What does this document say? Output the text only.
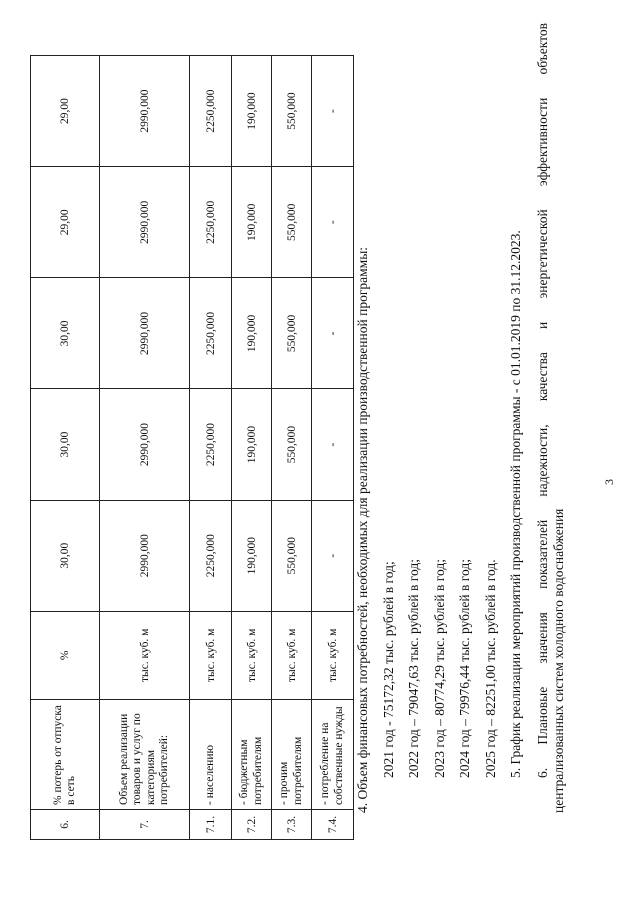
3
6.	% потерь от отпуска в сеть	%	30,00	30,00	30,00	29,00	29,00
7.	Объем реализации товаров и услуг по категориям потребителей:	тыс. куб. м	2990,000	2990,000	2990,000	2990,000	2990,000
7.1.	- населению	тыс. куб. м	2250,000	2250,000	2250,000	2250,000	2250,000
7.2.	- бюджетным потребителям	тыс. куб. м	190,000	190,000	190,000	190,000	190,000
7.3.	- прочим потребителям	тыс. куб. м	550,000	550,000	550,000	550,000	550,000
7.4.	- потребление на собственные нужды	тыс. куб. м	-	-	-	-	-

4. Объем финансовых потребностей, необходимых для реализации производственной программы: 2021 год - 75172,32 тыс. рублей в год; 2022 год – 79047,63 тыс. рублей в год; 2023 год – 80774,29 тыс. рублей в год; 2024 год – 79976,44 тыс. рублей в год; 2025 год – 82251,00 тыс. рублей в год. 5. График реализации мероприятий производственной программы - с 01.01.2019 по 31.12.2023. 6. Плановые значения показателей надежности, качества и энергетической эффективности объектов централизованных систем холодного водоснабжения
